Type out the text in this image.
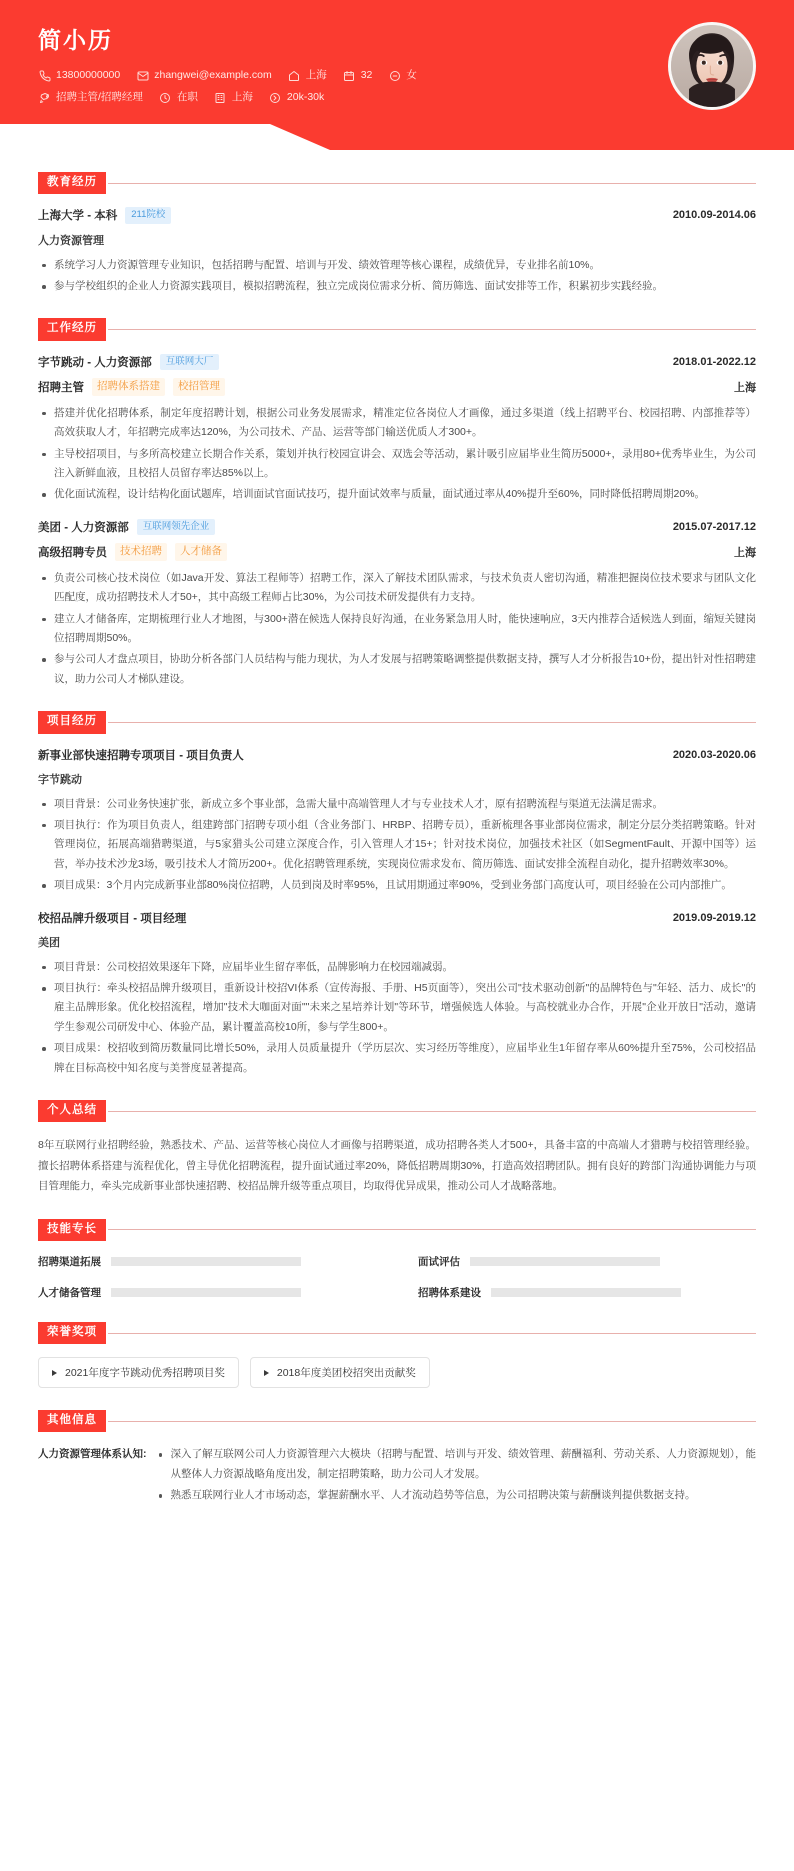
简小历
13800000000	zhangwei@example.com	上海	32	女
招聘主管/招聘经理	在职	上海	20k-30k
教育经历
上海大学 - 本科	211院校	2010.09-2014.06
人力资源管理
系统学习人力资源管理专业知识，包括招聘与配置、培训与开发、绩效管理等核心课程，成绩优异，专业排名前10%。
参与学校组织的企业人力资源实践项目，模拟招聘流程，独立完成岗位需求分析、简历筛选、面试安排等工作，积累初步实践经验。
工作经历
字节跳动 - 人力资源部	互联网大厂	2018.01-2022.12
招聘主管	招聘体系搭建	校招管理	上海
搭建并优化招聘体系，制定年度招聘计划，根据公司业务发展需求，精准定位各岗位人才画像，通过多渠道（线上招聘平台、校园招聘、内部推荐等）高效获取人才，年招聘完成率达120%，为公司技术、产品、运营等部门输送优质人才300+。
主导校招项目，与多所高校建立长期合作关系，策划并执行校园宣讲会、双选会等活动，累计吸引应届毕业生简历5000+，录用80+优秀毕业生，为公司注入新鲜血液，且校招人员留存率达85%以上。
优化面试流程，设计结构化面试题库，培训面试官面试技巧，提升面试效率与质量，面试通过率从40%提升至60%，同时降低招聘周期20%。
美团 - 人力资源部	互联网领先企业	2015.07-2017.12
高级招聘专员	技术招聘	人才储备	上海
负责公司核心技术岗位（如Java开发、算法工程师等）招聘工作，深入了解技术团队需求，与技术负责人密切沟通，精准把握岗位技术要求与团队文化匹配度，成功招聘技术人才50+，其中高级工程师占比30%，为公司技术研发提供有力支持。
建立人才储备库，定期梳理行业人才地图，与300+潜在候选人保持良好沟通，在业务紧急用人时，能快速响应，3天内推荐合适候选人到面，缩短关键岗位招聘周期50%。
参与公司人才盘点项目，协助分析各部门人员结构与能力现状，为人才发展与招聘策略调整提供数据支持，撰写人才分析报告10+份，提出针对性招聘建议，助力公司人才梯队建设。
项目经历
新事业部快速招聘专项项目 - 项目负责人	2020.03-2020.06
字节跳动
项目背景：公司业务快速扩张，新成立多个事业部，急需大量中高端管理人才与专业技术人才，原有招聘流程与渠道无法满足需求。
项目执行：作为项目负责人，组建跨部门招聘专项小组（含业务部门、HRBP、招聘专员），重新梳理各事业部岗位需求，制定分层分类招聘策略。针对管理岗位，拓展高端猎聘渠道，与5家猎头公司建立深度合作，引入管理人才15+；针对技术岗位，加强技术社区（如SegmentFault、开源中国等）运营，举办技术沙龙3场，吸引技术人才简历200+。优化招聘管理系统，实现岗位需求发布、简历筛选、面试安排全流程自动化，提升招聘效率30%。
项目成果：3个月内完成新事业部80%岗位招聘，人员到岗及时率95%，且试用期通过率90%，受到业务部门高度认可，项目经验在公司内部推广。
校招品牌升级项目 - 项目经理	2019.09-2019.12
美团
项目背景：公司校招效果逐年下降，应届毕业生留存率低，品牌影响力在校园端减弱。
项目执行：牵头校招品牌升级项目，重新设计校招VI体系（宣传海报、手册、H5页面等），突出公司"技术驱动创新"的品牌特色与"年轻、活力、成长"的雇主品牌形象。优化校招流程，增加"技术大咖面对面""未来之星培养计划"等环节，增强候选人体验。与高校就业办合作，开展"企业开放日"活动，邀请学生参观公司研发中心、体验产品，累计覆盖高校10所，参与学生800+。
项目成果：校招收到简历数量同比增长50%，录用人员质量提升（学历层次、实习经历等维度），应届毕业生1年留存率从60%提升至75%，公司校招品牌在目标高校中知名度与美誉度显著提高。
个人总结
8年互联网行业招聘经验，熟悉技术、产品、运营等核心岗位人才画像与招聘渠道，成功招聘各类人才500+，具备丰富的中高端人才猎聘与校招管理经验。擅长招聘体系搭建与流程优化，曾主导优化招聘流程，提升面试通过率20%，降低招聘周期30%，打造高效招聘团队。拥有良好的跨部门沟通协调能力与项目管理能力，牵头完成新事业部快速招聘、校招品牌升级等重点项目，均取得优异成果，推动公司人才战略落地。
技能专长
招聘渠道拓展	面试评估
人才储备管理	招聘体系建设
荣誉奖项
2021年度字节跳动优秀招聘项目奖	2018年度美团校招突出贡献奖
其他信息
人力资源管理体系认知:	深入了解互联网公司人力资源管理六大模块（招聘与配置、培训与开发、绩效管理、薪酬福利、劳动关系、人力资源规划），能从整体人力资源战略角度出发，制定招聘策略，助力公司人才发展。
熟悉互联网行业人才市场动态，掌握薪酬水平、人才流动趋势等信息，为公司招聘决策与薪酬谈判提供数据支持。
